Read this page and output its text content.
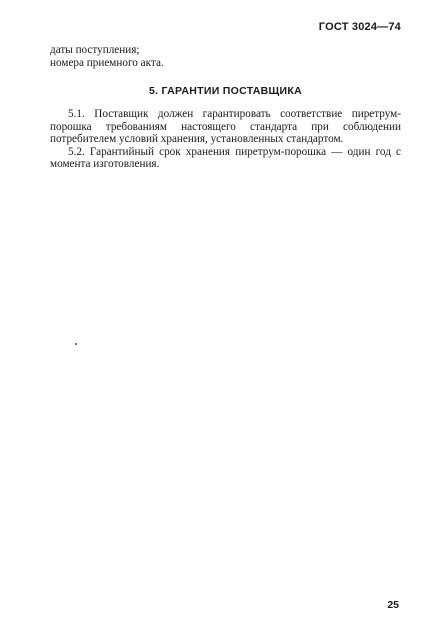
ГОСТ 3024—74
даты поступления;
номера приемного акта.
5. ГАРАНТИИ ПОСТАВЩИКА

5.1. Поставщик должен гарантировать соответствие пиретрум-порошка требованиям настоящего стандарта при соблюдении потребителем условий хранения, установленных стандартом.

5.2. Гарантийный срок хранения пиретрум-порошка — один год с момента изготовления.

25
